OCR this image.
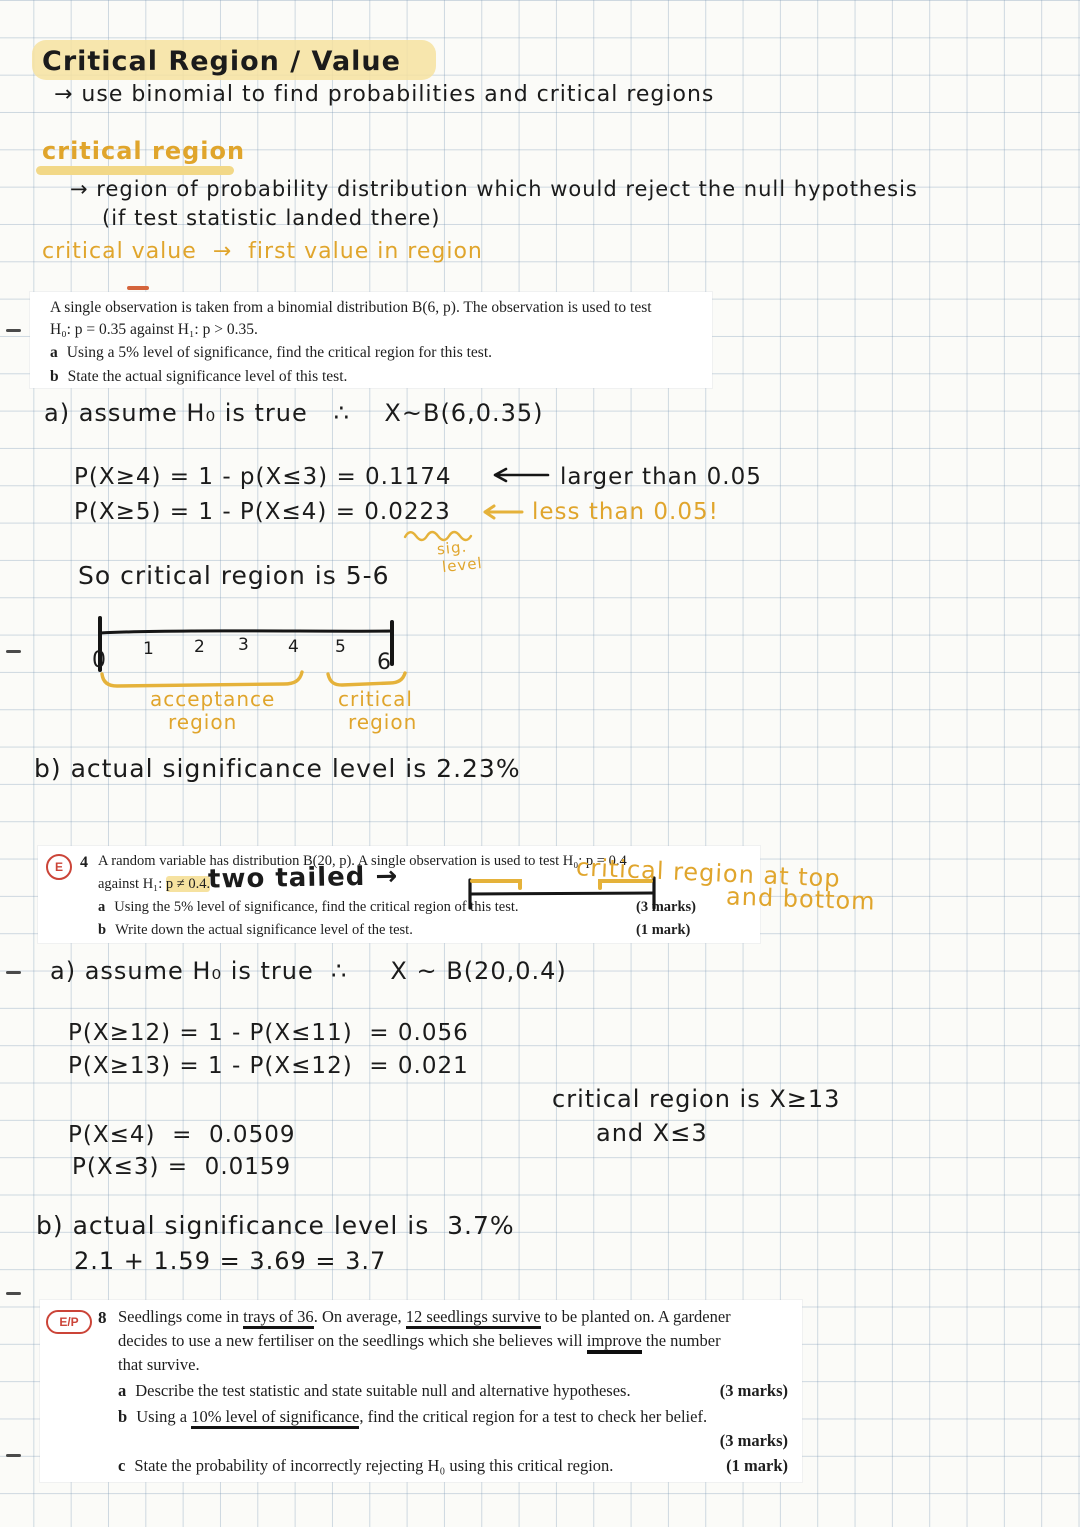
Critical Region / Value
→ use binomial to find probabilities and critical regions
critical region
→ region of probability distribution which would reject the null hypothesis
(if test statistic landed there)
critical value  →  first value in region
A single observation is taken from a binomial distribution B(6, p). The observation is used to test
H₀: p = 0.35 against H₁: p > 0.35.
a Using a 5% level of significance, find the critical region for this test.
b State the actual significance level of this test.
a) assume H₀ is true   ∴    X~B(6,0.35)
P(X≥4) = 1 - p(X≤3) = 0.1174	larger than 0.05
P(X≥5) = 1 - P(X≤4) = 0.0223	less than 0.05!
sig.
level
So critical region is 5-6
0 1 2 3 4 5
6
acceptance
region
critical
region
b) actual significance level is 2.23%
E	4 A random variable has distribution B(20, p). A single observation is used to test H₀: p = 0.4
against H₁: p ≠ 0.4.
a Using the 5% level of significance, find the critical region of this test.	(3 marks)
b Write down the actual significance level of the test.	(1 mark)
two tailed →	critical region at top
and bottom
a) assume H₀ is true  ∴     X ~ B(20,0.4)
P(X≥12) = 1 - P(X≤11)  = 0.056
P(X≥13) = 1 - P(X≤12)  = 0.021
critical region is X≥13
and X≤3
P(X≤4)  =  0.0509
P(X≤3) =  0.0159
b) actual significance level is  3.7%
2.1 + 1.59 = 3.69 = 3.7
E/P	8 Seedlings come in trays of 36. On average, 12 seedlings survive to be planted on. A gardener
decides to use a new fertiliser on the seedlings which she believes will improve the number
that survive.
a Describe the test statistic and state suitable null and alternative hypotheses.	(3 marks)
b Using a 10% level of significance, find the critical region for a test to check her belief.
(3 marks)
c State the probability of incorrectly rejecting H₀ using this critical region.	(1 mark)
